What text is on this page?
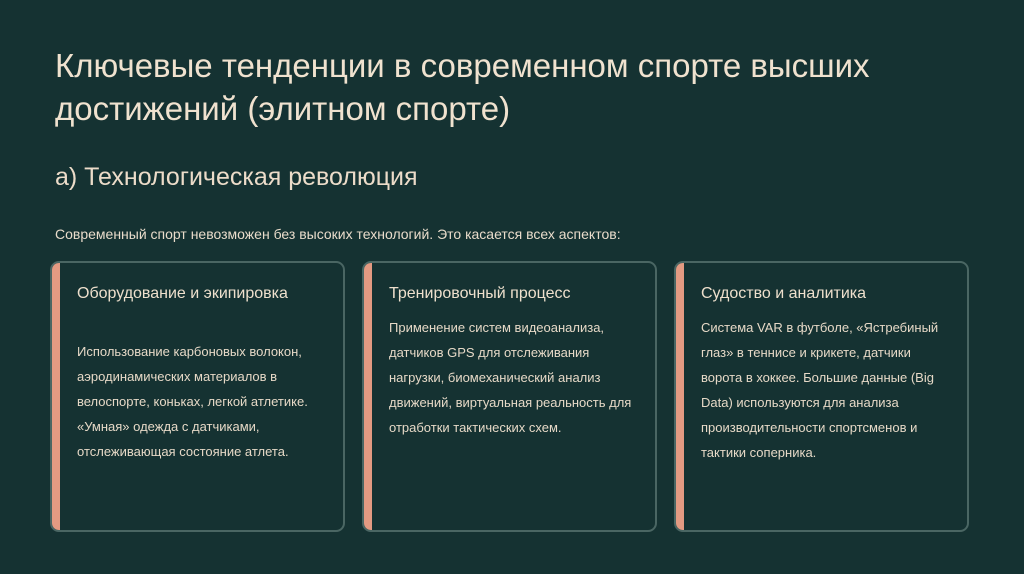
Ключевые тенденции в современном спорте высших достижений (элитном спорте)
а) Технологическая революция
Современный спорт невозможен без высоких технологий. Это касается всех аспектов:
Оборудование и экипировка
Использование карбоновых волокон, аэродинамических материалов в велоспорте, коньках, легкой атлетике. «Умная» одежда с датчиками, отслеживающая состояние атлета.
Тренировочный процесс
Применение систем видеоанализа, датчиков GPS для отслеживания нагрузки, биомеханический анализ движений, виртуальная реальность для отработки тактических схем.
Судоство и аналитика
Система VAR в футболе, «Ястребиный глаз» в теннисе и крикете, датчики ворота в хоккее. Большие данные (Big Data) используются для анализа производительности спортсменов и тактики соперника.
